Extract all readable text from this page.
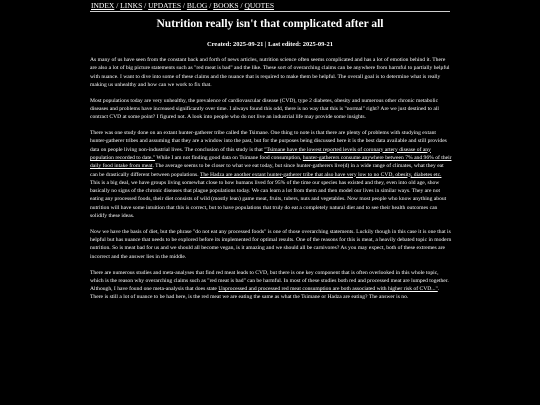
INDEX / LINKS / UPDATES / BLOG / BOOKS / QUOTES
Nutrition really isn't that complicated after all
Created: 2025-09-21 | Last edited: 2025-09-21

As many of us have seen from the constant back and forth of news articles, nutrition science often seems complicated and has a lot of emotion behind it. There are also a lot of big picture statements such as "red meat is bad" and the like. These sort of overarching claims can be anywhere from harmful to partially helpful with nuance. I want to dive into some of these claims and the nuance that is required to make them be helpful. The overall goal is to determine what is really making us unhealthy and how can we work to fix that.

Most populations today are very unhealthy, the prevalence of cardiovascular disease (CVD), type 2 diabetes, obesity and numerous other chronic metabolic diseases and problems have increased significantly over time. I always found this odd, there is no way that this is "normal" right? Are we just destined to all contract CVD at some point? I figured not. A look into people who do not live an industrial life may provide some insights.

There was one study done on an extant hunter-gatherer tribe called the Tsimane. One thing to note is that there are plenty of problems with studying extant hunter-gatherer tribes and assuming that they are a window into the past, but for the purposes being discussed here it is the best data available and still provides data on people living non-industrial lives. The conclusion of this study is that "Tsimane have the lowest reported levels of coronary artery disease of any population recorded to date." While I am not finding good data on Tsimane food consumption, hunter-gatherers consume anywhere between 7% and 96% of their daily food intake from meat. The average seems to be closer to what we eat today, but since hunter-gatherers live(d) in a wide range of climates, what they eat can be drastically different between populations. The Hadza are another extant hunter-gatherer tribe that also have very low to no CVD, obesity, diabetes etc. This is a big deal, we have groups living somewhat close to how humans lived for 95% of the time our species has existed and they, even into old age, show basically no signs of the chronic diseases that plague populations today. We can learn a lot from them and then model our lives in similar ways. They are not eating any processed foods, their diet consists of wild (mostly lean) game meat, fruits, tubers, nuts and vegetables. Now most people who know anything about nutrition will have some intuition that this is correct, but to have populations that truly do eat a completely natural diet and to see their health outcomes can solidify these ideas.

Now we have the basis of diet, but the phrase "do not eat any processed foods" is one of those overarching statements. Luckily though in this case it is one that is helpful but has nuance that needs to be explored before its implemented for optimal results. One of the reasons for this is meat, a heavily debated topic in modern nutrition. So is meat bad for us and we should all become vegan, is it amazing and we should all be carnivores? As you may expect, both of these extremes are incorrect and the answer lies in the middle.

There are numerous studies and meta-analyses that find red meat leads to CVD, but there is one key component that is often overlooked in this whole topic, which is the reason why overarching claims such as "red meat is bad" can be harmful. In most of these studies both red and processed meat are lumped together. Although, I have found one meta-analysis that does state Unprocessed and processed red meat consumption are both associated with higher risk of CVD...". There is still a lot of nuance to be had here, is the red meat we are eating the same as what the Tsimane or Hadza are eating? The answer is no.
